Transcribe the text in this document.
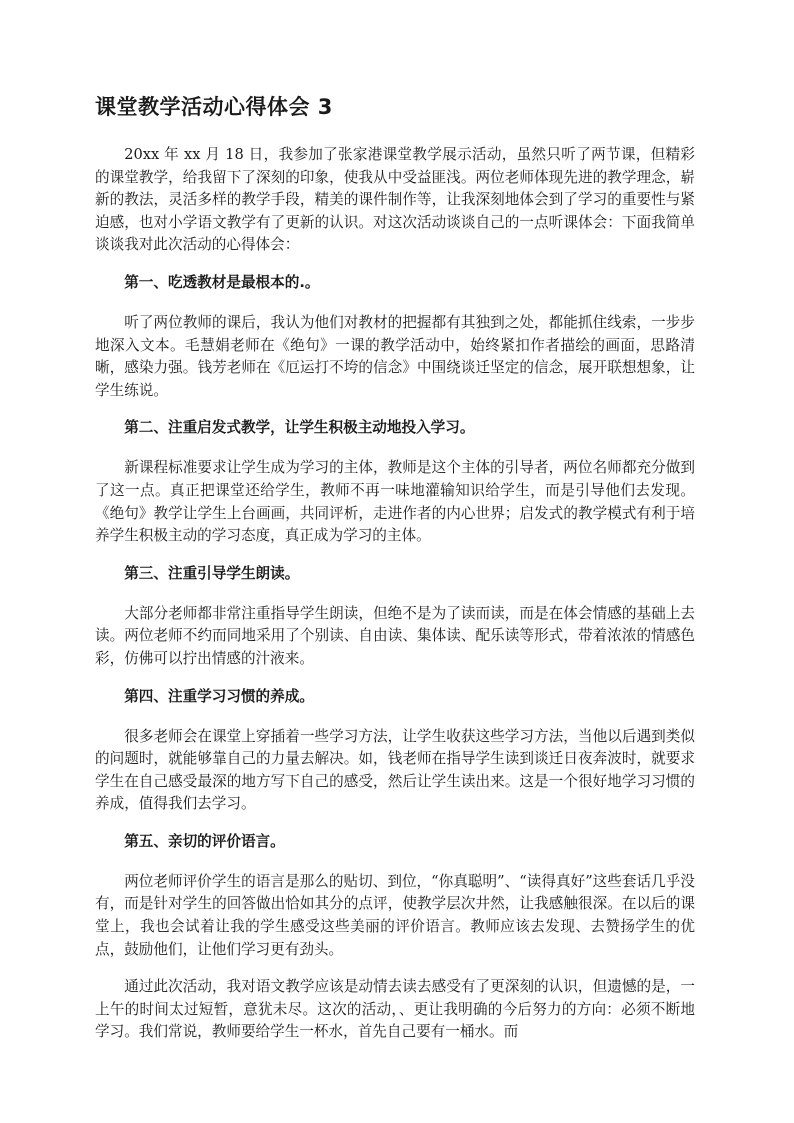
课堂教学活动心得体会 3

20xx 年 xx 月 18 日，我参加了张家港课堂教学展示活动，虽然只听了两节课，但精彩的课堂教学，给我留下了深刻的印象，使我从中受益匪浅。两位老师体现先进的教学理念，崭新的教法，灵活多样的教学手段，精美的课件制作等，让我深刻地体会到了学习的重要性与紧迫感，也对小学语文教学有了更新的认识。对这次活动谈谈自己的一点听课体会：下面我简单谈谈我对此次活动的心得体会：

第一、吃透教材是最根本的.。

听了两位教师的课后，我认为他们对教材的把握都有其独到之处，都能抓住线索，一步步地深入文本。毛慧娟老师在《绝句》一课的教学活动中，始终紧扣作者描绘的画面，思路清晰，感染力强。钱芳老师在《厄运打不垮的信念》中围绕谈迁坚定的信念，展开联想想象，让学生练说。

第二、注重启发式教学，让学生积极主动地投入学习。

新课程标准要求让学生成为学习的主体，教师是这个主体的引导者，两位名师都充分做到了这一点。真正把课堂还给学生，教师不再一味地灌输知识给学生，而是引导他们去发现。《绝句》教学让学生上台画画，共同评析，走进作者的内心世界；启发式的教学模式有利于培养学生积极主动的学习态度，真正成为学习的主体。

第三、注重引导学生朗读。

大部分老师都非常注重指导学生朗读，但绝不是为了读而读，而是在体会情感的基础上去读。两位老师不约而同地采用了个别读、自由读、集体读、配乐读等形式，带着浓浓的情感色彩，仿佛可以拧出情感的汁液来。

第四、注重学习习惯的养成。

很多老师会在课堂上穿插着一些学习方法，让学生收获这些学习方法，当他以后遇到类似的问题时，就能够靠自己的力量去解决。如，钱老师在指导学生读到谈迁日夜奔波时，就要求学生在自己感受最深的地方写下自己的感受，然后让学生读出来。这是一个很好地学习习惯的养成，值得我们去学习。

第五、亲切的评价语言。

两位老师评价学生的语言是那么的贴切、到位，“你真聪明”、“读得真好”这些套话几乎没有，而是针对学生的回答做出恰如其分的点评，使教学层次井然，让我感触很深。在以后的课堂上，我也会试着让我的学生感受这些美丽的评价语言。教师应该去发现、去赞扬学生的优点，鼓励他们，让他们学习更有劲头。

通过此次活动，我对语文教学应该是动情去读去感受有了更深刻的认识，但遗憾的是，一上午的时间太过短暂，意犹未尽。这次的活动，、更让我明确的今后努力的方向：必须不断地学习。我们常说，教师要给学生一杯水，首先自己要有一桶水。而
